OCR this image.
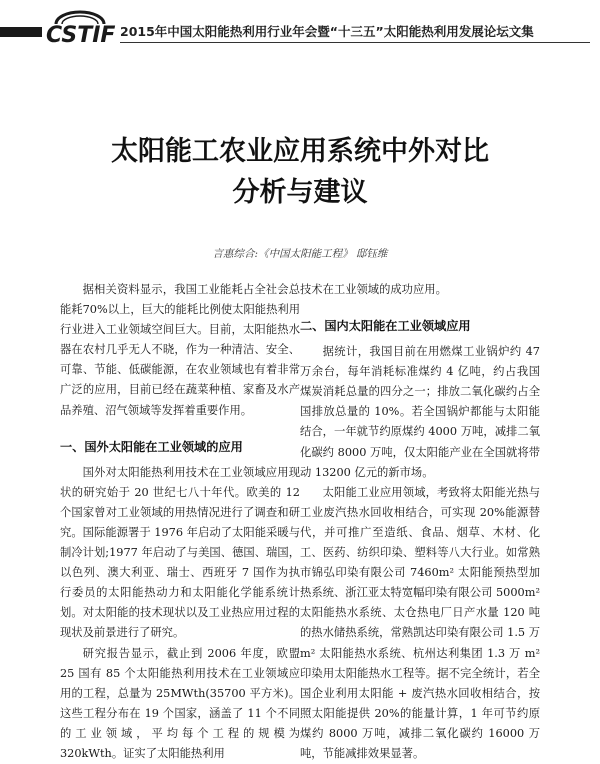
CSTIF 2015年中国太阳能热利用行业年会暨“十三五”太阳能热利用发展论坛文集
太阳能工农业应用系统中外对比
分析与建议
言惠综合:《中国太阳能工程》 邸钰维

据相关资料显示，我国工业能耗占全社会总能耗70%以上，巨大的能耗比例使太阳能热利用行业进入工业领域空间巨大。目前，太阳能热水器在农村几乎无人不晓，作为一种清洁、安全、可靠、节能、低碳能源，在农业领域也有着非常广泛的应用，目前已经在蔬菜种植、家畜及水产品养殖、沼气领域等发挥着重要作用。

一、国外太阳能在工业领域的应用

国外对太阳能热利用技术在工业领域应用现状的研究始于 20 世纪七八十年代。欧美的 12 个国家曾对工业领域的用热情况进行了调查和研究。国际能源署于 1976 年启动了太阳能采暖与制冷计划;1977 年启动了与美国、德国、瑞国，以色列、澳大利亚、瑞士、西班牙 7 国作为执行委员的太阳能热动力和太阳能化学能系统计划。对太阳能的技术现状以及工业热应用过程的现状及前景进行了研究。

研究报告显示，截止到 2006 年度，欧盟 25 国有 85 个太阳能热利用技术在工业领域应用的工程，总量为 25MWth(35700 平方米)。这些工程分布在 19 个国家，涵盖了 11 个不同的工业领域，平均每个工程的规模为 320kWth。证实了太阳能热利用

技术在工业领域的成功应用。

二、国内太阳能在工业领域应用

据统计，我国目前在用燃煤工业锅炉约 47 万余台，每年消耗标准煤约 4 亿吨，约占我国煤炭消耗总量的四分之一；排放二氧化碳约占全国排放总量的 10%。若全国锅炉都能与太阳能结合，一年就节约原煤约 4000 万吨，减排二氧化碳约 8000 万吨，仅太阳能产业在全国就将带动 13200 亿元的新市场。

太阳能工业应用领域，考致将太阳能光热与工业废汽热水回收相结合，可实现 20%能源替代，并可推广至造纸、食品、烟草、木材、化工、医药、纺织印染、塑料等八大行业。如常熟市锦弘印染有限公司 7460m² 太阳能预热型加热系统、浙江亚太特宽幅印染有限公司 5000m² 太阳能热水系统、太仓热电厂日产水量 120 吨的热水储热系统，常熟凯达印染有限公司 1.5 万 m² 太阳能热水系统、杭州达利集团 1.3 万 m² 印染用太阳能热水工程等。据不完全统计，若全国企业利用太阳能 + 废汽热水回收相结合，按照太阳能提供 20%的能量计算，1 年可节约原煤约 8000 万吨，减排二氧化碳约 16000 万吨，节能减排效果显著。
